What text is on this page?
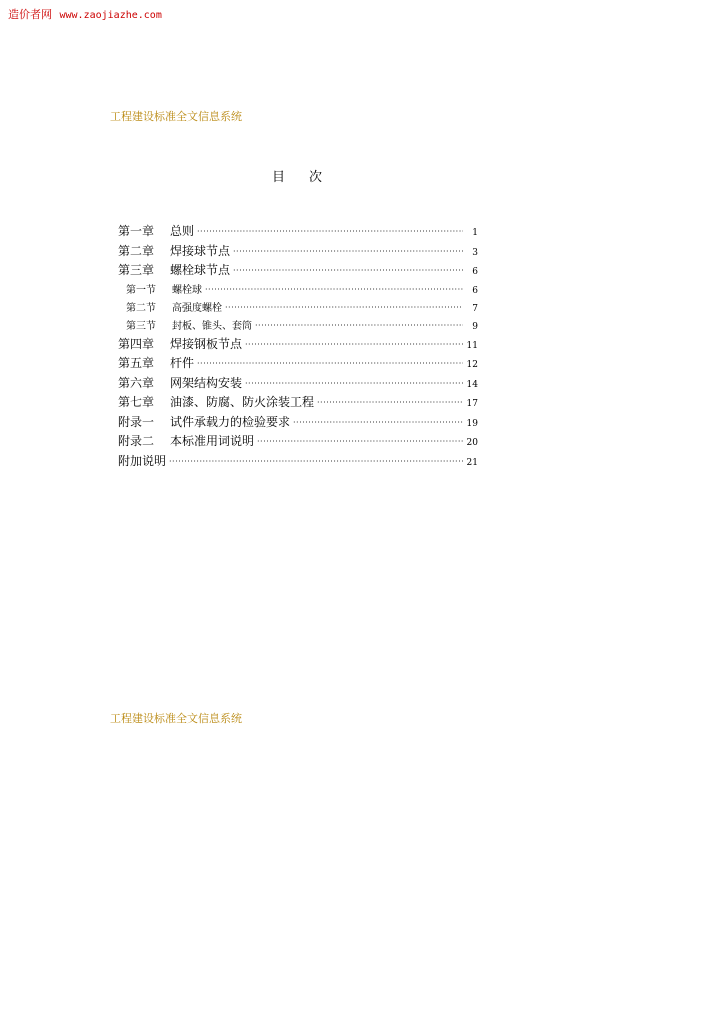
造价者网 www.zaojiazhe.com
工程建设标准全文信息系统
目次
第一章	总则 ·····	1
第二章	焊接球节点 ·····	3
第三章	螺栓球节点 ·····	6
第一节	螺栓球 ·····	6
第二节	高强度螺栓 ·····	7
第三节	封板、锥头、套筒 ·····	9
第四章	焊接钢板节点 ·····	11
第五章	杆件 ·····	12
第六章	网架结构安装 ·····	14
第七章	油漆、防腐、防火涂装工程 ·····	17
附录一	试件承载力的检验要求 ·····	19
附录二	本标准用词说明 ·····	20
附加说明 ·····	21
工程建设标准全文信息系统
